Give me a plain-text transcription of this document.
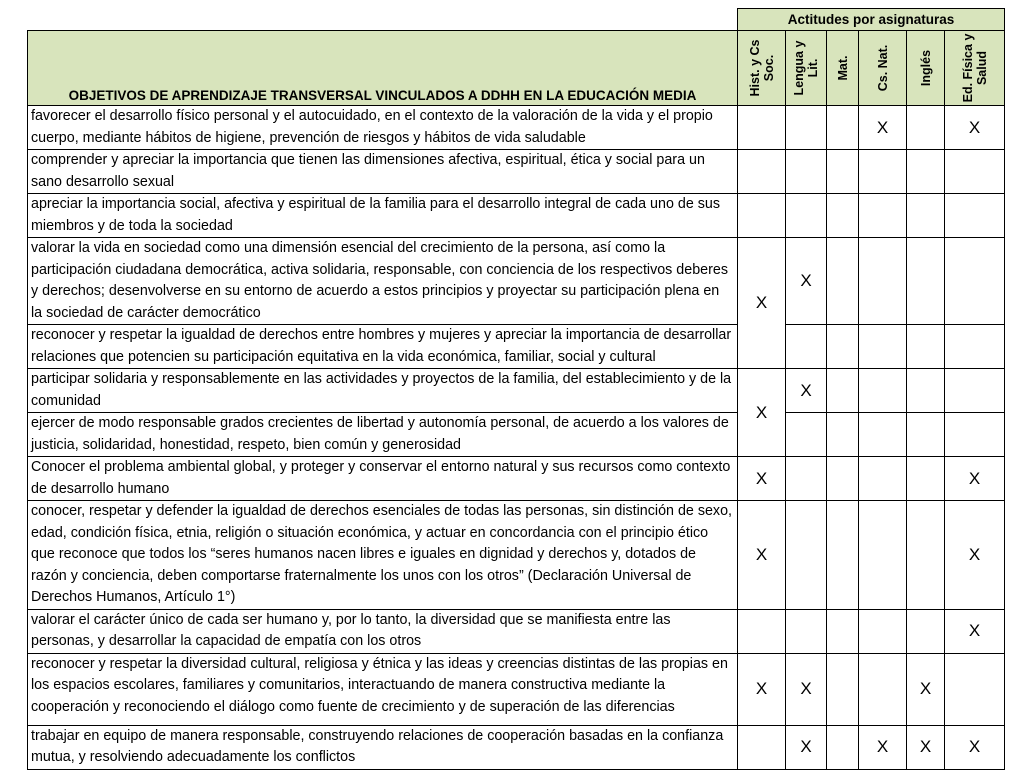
	Actitudes por asignaturas					
OBJETIVOS DE APRENDIZAJE TRANSVERSAL VINCULADOS A DDHH EN LA EDUCACIÓN MEDIA	Hist. y Cs Soc.	Lengua y Lit.	Mat.	Cs. Nat.	Inglés	Ed. Física y Salud

favorecer el desarrollo físico personal y el autocuidado, en el contexto de la valoración de la vida y el propio cuerpo, mediante hábitos de higiene, prevención de riesgos y hábitos de vida saludable				X		X
comprender y apreciar la importancia que tienen las dimensiones afectiva, espiritual, ética y social para un sano desarrollo sexual						
apreciar la importancia social, afectiva y espiritual de la familia para el desarrollo integral de cada uno de sus miembros y de toda la sociedad						
valorar la vida en sociedad como una dimensión esencial del crecimiento de la persona, así como la participación ciudadana democrática, activa solidaria, responsable, con conciencia de los respectivos deberes y derechos; desenvolverse en su entorno de acuerdo a estos principios y proyectar su participación plena en la sociedad de carácter democrático	X	X				
reconocer y respetar la igualdad de derechos entre hombres y mujeres y apreciar la importancia de desarrollar relaciones que potencien su participación equitativa en la vida económica, familiar, social y cultural						
participar solidaria y responsablemente en las actividades y proyectos de la familia, del establecimiento y de la comunidad	X	X				
ejercer de modo responsable grados crecientes de libertad y autonomía personal, de acuerdo a los valores de justicia, solidaridad, honestidad, respeto, bien común y generosidad						
Conocer el problema ambiental global, y proteger y conservar el entorno natural y sus recursos como contexto de desarrollo humano	X					X
conocer, respetar y defender la igualdad de derechos esenciales de todas las personas, sin distinción de sexo, edad, condición física, etnia, religión o situación económica, y actuar en concordancia con el principio ético que reconoce que todos los “seres humanos nacen libres e iguales en dignidad y derechos y, dotados de razón y conciencia, deben comportarse fraternalmente los unos con los otros” (Declaración Universal de Derechos Humanos, Artículo 1°)	X					X
valorar el carácter único de cada ser humano y, por lo tanto, la diversidad que se manifiesta entre las personas, y desarrollar la capacidad de empatía con los otros						X
reconocer y respetar la diversidad cultural, religiosa y étnica y las ideas y creencias distintas de las propias en los espacios escolares, familiares y comunitarios, interactuando de manera constructiva mediante la cooperación y reconociendo el diálogo como fuente de crecimiento y de superación de las diferencias	X	X			X	
trabajar en equipo de manera responsable, construyendo relaciones de cooperación basadas en la confianza mutua, y resolviendo adecuadamente los conflictos		X		X	X	X
